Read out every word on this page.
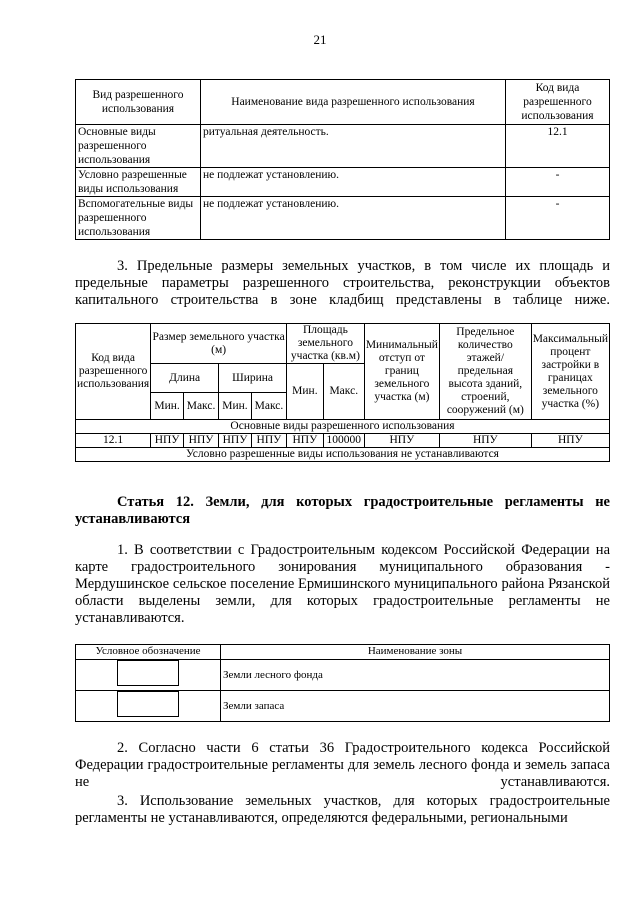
21
Вид разрешенного использования	Наименование вида разрешенного использования	Код вида разрешенного использования
Основные виды разрешенного использования	ритуальная деятельность.	12.1
Условно разрешенные виды использования	не подлежат установлению.	-
Вспомогательные виды разрешенного использования	не подлежат установлению.	-
3. Предельные размеры земельных участков, в том числе их площадь и предельные параметры разрешенного строительства, реконструкции объектов капитального строительства в зоне кладбищ представлены в таблице ниже.
Код вида разрешенного использования	Размер земельного участка (м)				Площадь земельного участка (кв.м)		Минимальный отступ от границ земельного участка (м)	Предельное количество этажей/ предельная высота зданий, строений, сооружений (м)	Максимальный процент застройки в границах земельного участка (%)
	Длина		Ширина		Мин.	Макс.			
	Мин.	Макс.	Мин.	Макс.					
Основные виды разрешенного использования									
12.1	НПУ	НПУ	НПУ	НПУ	НПУ	100000	НПУ	НПУ	НПУ
Условно разрешенные виды использования не устанавливаются									
Статья 12. Земли, для которых градостроительные регламенты не устанавливаются
1. В соответствии с Градостроительным кодексом Российской Федерации на карте градостроительного зонирования муниципального образования - Мердушинское сельское поселение Ермишинского муниципального района Рязанской области выделены земли, для которых градостроительные регламенты не устанавливаются.
Условное обозначение	Наименование зоны
	Земли лесного фонда
	Земли запаса
2. Согласно части 6 статьи 36 Градостроительного кодекса Российской Федерации градостроительные регламенты для земель лесного фонда и земель запаса не устанавливаются.
3. Использование земельных участков, для которых градостроительные регламенты не устанавливаются, определяются федеральными, региональными
